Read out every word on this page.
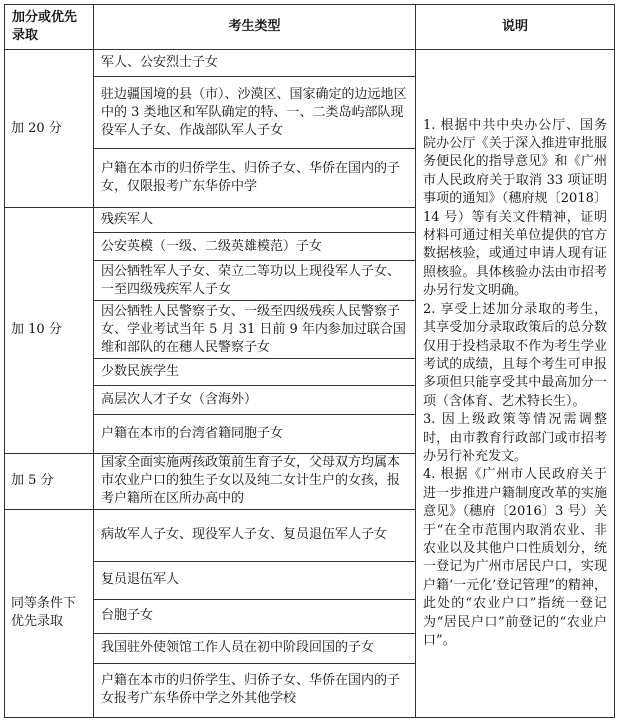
加分或优先录取	考生类型	说明
加 20 分	军人、公安烈士子女	1. 根据中共中央办公厅、国务院办公厅《关于深入推进审批服务便民化的指导意见》和《广州市人民政府关于取消 33 项证明事项的通知》（穗府规〔2018〕14 号）等有关文件精神，证明材料可通过相关单位提供的官方数据核验，或通过申请人现有证照核验。具体核验办法由市招考办另行发文明确。

2. 享受上述加分录取的考生，其享受加分录取政策后的总分数仅用于投档录取不作为考生学业考试的成绩，且每个考生可申报多项但只能享受其中最高加分一项（含体育、艺术特长生）。

3. 因上级政策等情况需调整时，由市教育行政部门或市招考办另行补充发文。

4. 根据《广州市人民政府关于进一步推进户籍制度改革的实施意见》（穗府〔2016〕3 号）关于“在全市范围内取消农业、非农业以及其他户口性质划分，统一登记为广州市居民户口，实现户籍‘一元化’登记管理”的精神，此处的“农业户口”指统一登记为“居民户口”前登记的“农业户口”。

	驻边疆国境的县（市）、沙漠区、国家确定的边远地区中的 3 类地区和军队确定的特、一、二类岛屿部队现役军人子女、作战部队军人子女	
	户籍在本市的归侨学生、归侨子女、华侨在国内的子女，仅限报考广东华侨中学	
加 10 分	残疾军人	
	公安英模（一级、二级英雄模范）子女	
	因公牺牲军人子女、荣立二等功以上现役军人子女、一至四级残疾军人子女	
	因公牺牲人民警察子女、一级至四级残疾人民警察子女、学业考试当年 5 月 31 日前 9 年内参加过联合国维和部队的在穗人民警察子女	
	少数民族学生	
	高层次人才子女（含海外）	
	户籍在本市的台湾省籍同胞子女	
加 5 分	国家全面实施两孩政策前生育子女，父母双方均属本市农业户口的独生子女以及纯二女计生户的女孩，报考户籍所在区所办高中的	
同等条件下优先录取	病故军人子女、现役军人子女、复员退伍军人子女	
	复员退伍军人	
	台胞子女	
	我国驻外使领馆工作人员在初中阶段回国的子女	
	户籍在本市的归侨学生、归侨子女、华侨在国内的子女报考广东华侨中学之外其他学校	
